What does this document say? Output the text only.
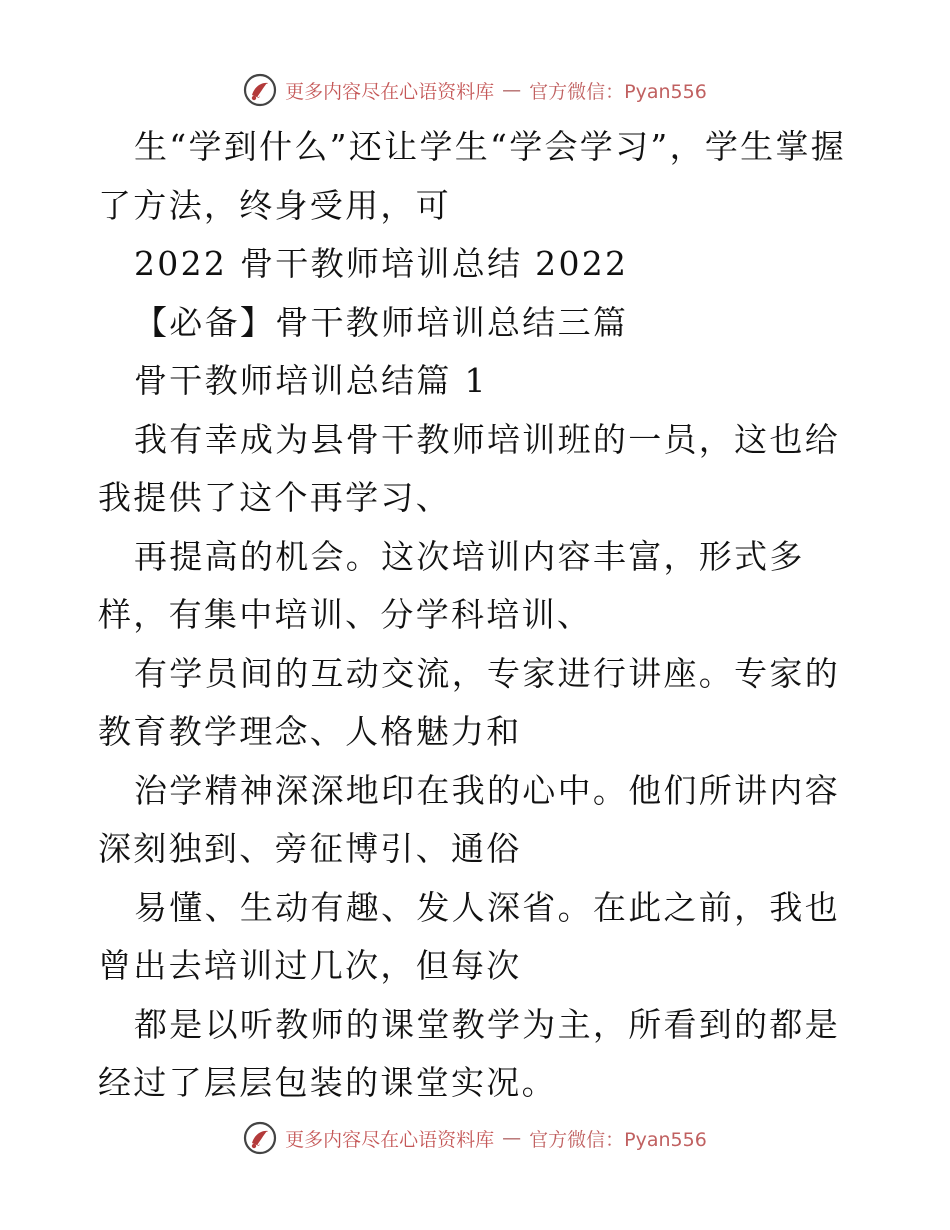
更多内容尽在心语资料库 — 官方微信：Pyan556

生“学到什么”还让学生“学会学习”，学生掌握了方法，终身受用，可

2022 骨干教师培训总结 2022

【必备】骨干教师培训总结三篇

骨干教师培训总结篇 1

我有幸成为县骨干教师培训班的一员，这也给我提供了这个再学习、

再提高的机会。这次培训内容丰富，形式多样，有集中培训、分学科培训、

有学员间的互动交流，专家进行讲座。专家的教育教学理念、人格魅力和

治学精神深深地印在我的心中。他们所讲内容深刻独到、旁征博引、通俗

易懂、生动有趣、发人深省。在此之前，我也曾出去培训过几次，但每次

都是以听教师的课堂教学为主，所看到的都是经过了层层包装的课堂实况。

更多内容尽在心语资料库 — 官方微信：Pyan556
